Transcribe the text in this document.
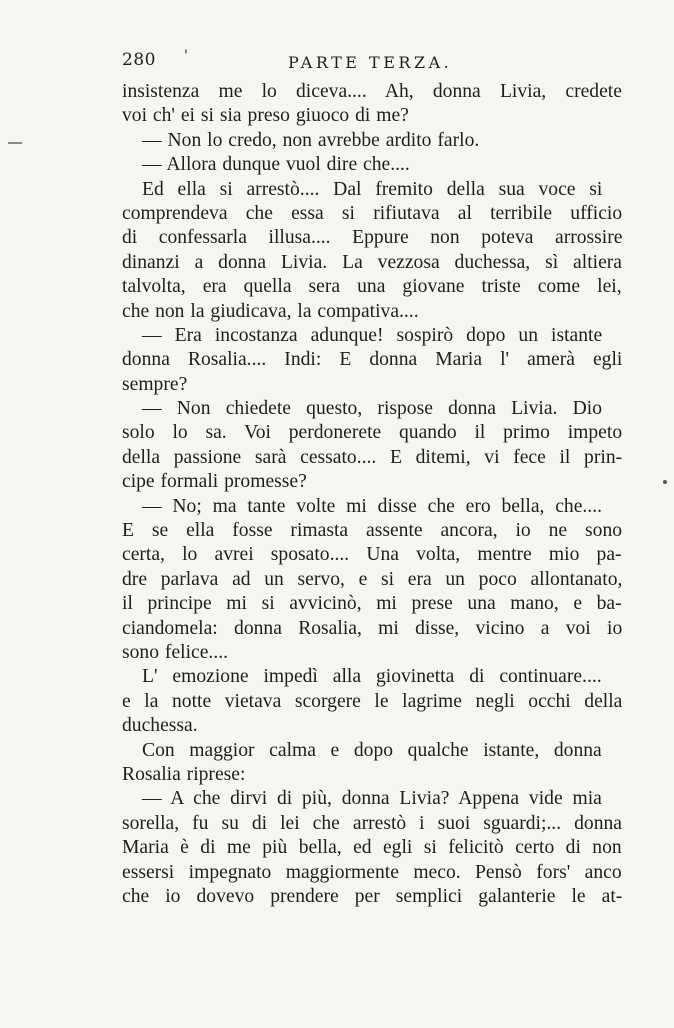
280 '	PARTE TERZA.
insistenza me lo diceva.... Ah, donna Livia, credete
voi ch' ei si sia preso giuoco di me?
— Non lo credo, non avrebbe ardito farlo.
— Allora dunque vuol dire che....
Ed ella si arrestò.... Dal fremito della sua voce si
comprendeva che essa si rifiutava al terribile ufficio
di confessarla illusa.... Eppure non poteva arrossire
dinanzi a donna Livia. La vezzosa duchessa, sì altiera
talvolta, era quella sera una giovane triste come lei,
che non la giudicava, la compativa....
— Era incostanza adunque! sospirò dopo un istante
donna Rosalia.... Indi: E donna Maria l' amerà egli
sempre?
— Non chiedete questo, rispose donna Livia. Dio
solo lo sa. Voi perdonerete quando il primo impeto
della passione sarà cessato.... E ditemi, vi fece il prin-
cipe formali promesse?
— No; ma tante volte mi disse che ero bella, che....
E se ella fosse rimasta assente ancora, io ne sono
certa, lo avrei sposato.... Una volta, mentre mio pa-
dre parlava ad un servo, e si era un poco allontanato,
il principe mi si avvicinò, mi prese una mano, e ba-
ciandomela: donna Rosalia, mi disse, vicino a voi io
sono felice....
L' emozione impedì alla giovinetta di continuare....
e la notte vietava scorgere le lagrime negli occhi della
duchessa.
Con maggior calma e dopo qualche istante, donna
Rosalia riprese:
— A che dirvi di più, donna Livia? Appena vide mia
sorella, fu su di lei che arrestò i suoi sguardi;... donna
Maria è di me più bella, ed egli si felicitò certo di non
essersi impegnato maggiormente meco. Pensò fors' anco
che io dovevo prendere per semplici galanterie le at-
